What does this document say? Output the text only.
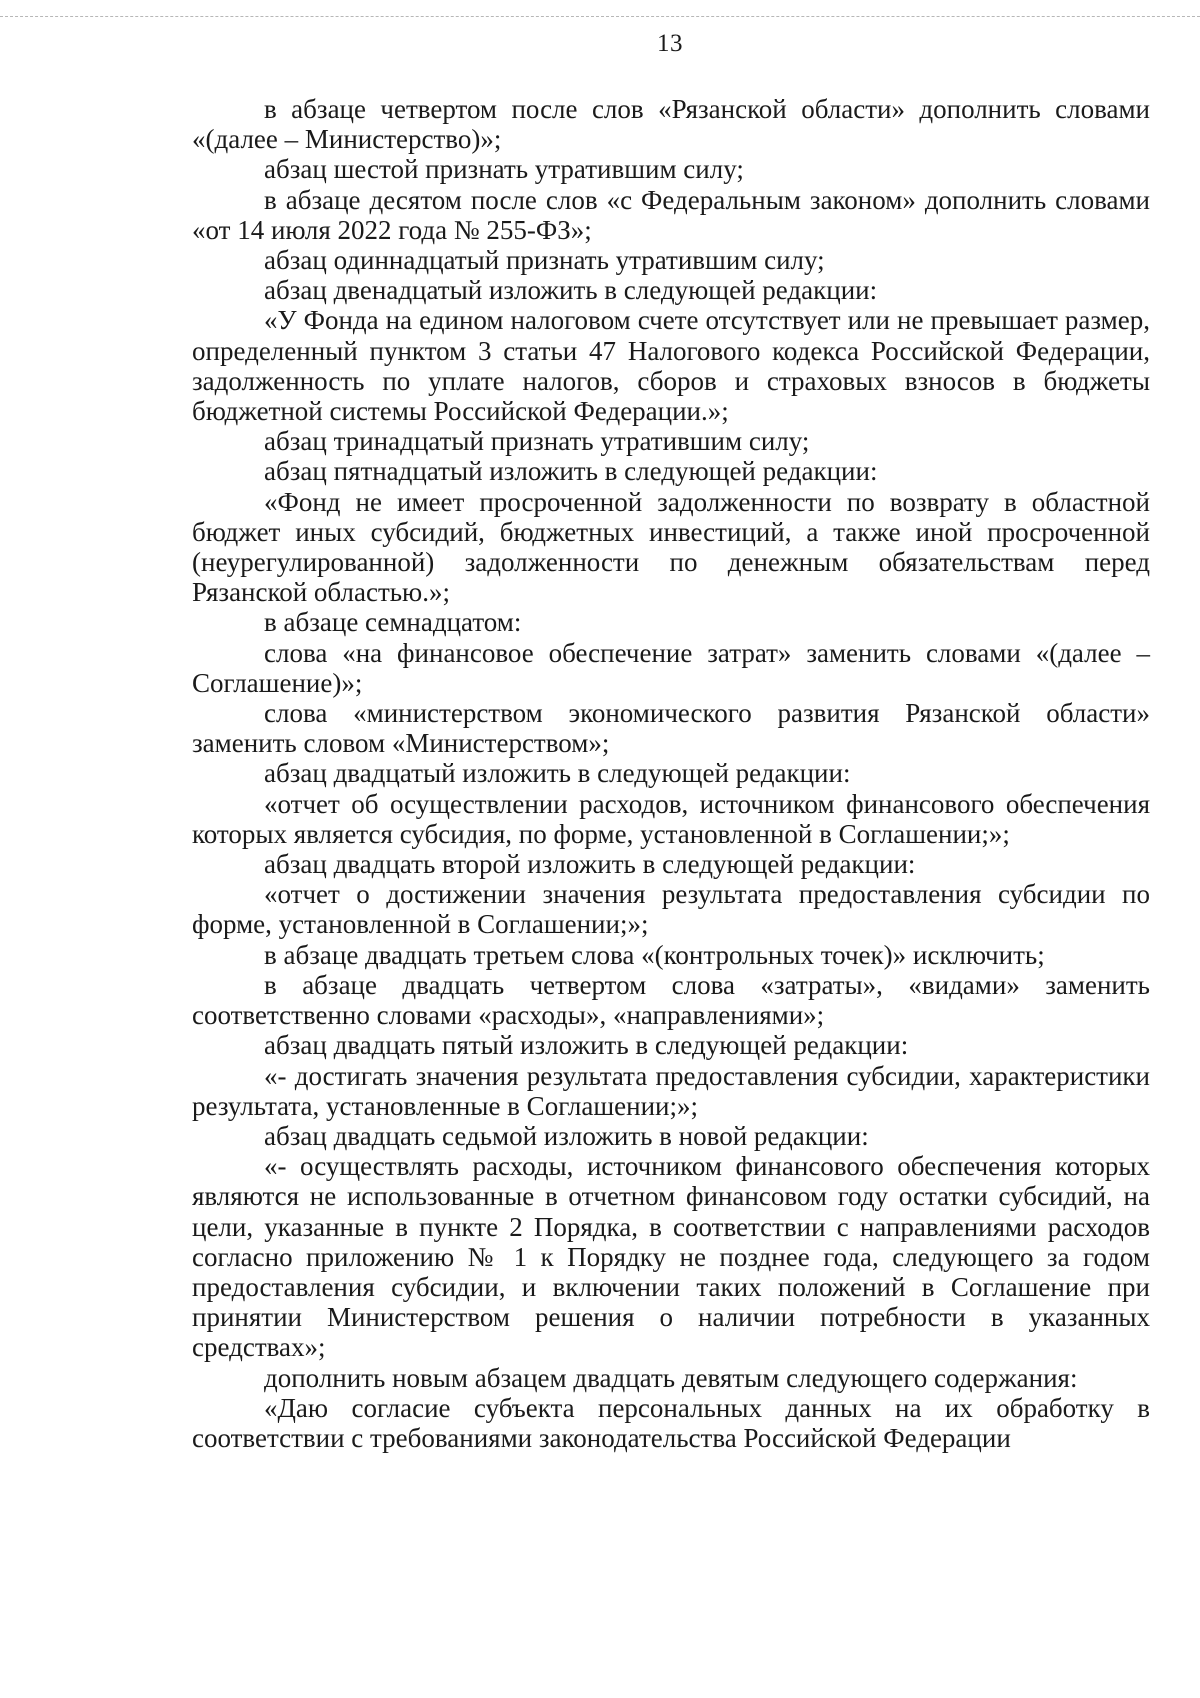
13

в абзаце четвертом после слов «Рязанской области» дополнить словами «(далее – Министерство)»;

абзац шестой признать утратившим силу;

в абзаце десятом после слов «с Федеральным законом» дополнить словами «от 14 июля 2022 года № 255-ФЗ»;

абзац одиннадцатый признать утратившим силу;

абзац двенадцатый изложить в следующей редакции:

«У Фонда на едином налоговом счете отсутствует или не превышает размер, определенный пунктом 3 статьи 47 Налогового кодекса Российской Федерации, задолженность по уплате налогов, сборов и страховых взносов в бюджеты бюджетной системы Российской Федерации.»;

абзац тринадцатый признать утратившим силу;

абзац пятнадцатый изложить в следующей редакции:

«Фонд не имеет просроченной задолженности по возврату в областной бюджет иных субсидий, бюджетных инвестиций, а также иной просроченной (неурегулированной) задолженности по денежным обязательствам перед Рязанской областью.»;

в абзаце семнадцатом:

слова «на финансовое обеспечение затрат» заменить словами «(далее – Соглашение)»;

слова «министерством экономического развития Рязанской области» заменить словом «Министерством»;

абзац двадцатый изложить в следующей редакции:

«отчет об осуществлении расходов, источником финансового обеспечения которых является субсидия, по форме, установленной в Соглашении;»;

абзац двадцать второй изложить в следующей редакции:

«отчет о достижении значения результата предоставления субсидии по форме, установленной в Соглашении;»;

в абзаце двадцать третьем слова «(контрольных точек)» исключить;

в абзаце двадцать четвертом слова «затраты», «видами» заменить соответственно словами «расходы», «направлениями»;

абзац двадцать пятый изложить в следующей редакции:

«- достигать значения результата предоставления субсидии, характеристики результата, установленные в Соглашении;»;

абзац двадцать седьмой изложить в новой редакции:

«- осуществлять расходы, источником финансового обеспечения которых являются не использованные в отчетном финансовом году остатки субсидий, на цели, указанные в пункте 2 Порядка, в соответствии с направлениями расходов согласно приложению № 1 к Порядку не позднее года, следующего за годом предоставления субсидии, и включении таких положений в Соглашение при принятии Министерством решения о наличии потребности в указанных средствах»;

дополнить новым абзацем двадцать девятым следующего содержания:

«Даю согласие субъекта персональных данных на их обработку в соответствии с требованиями законодательства Российской Федерации
